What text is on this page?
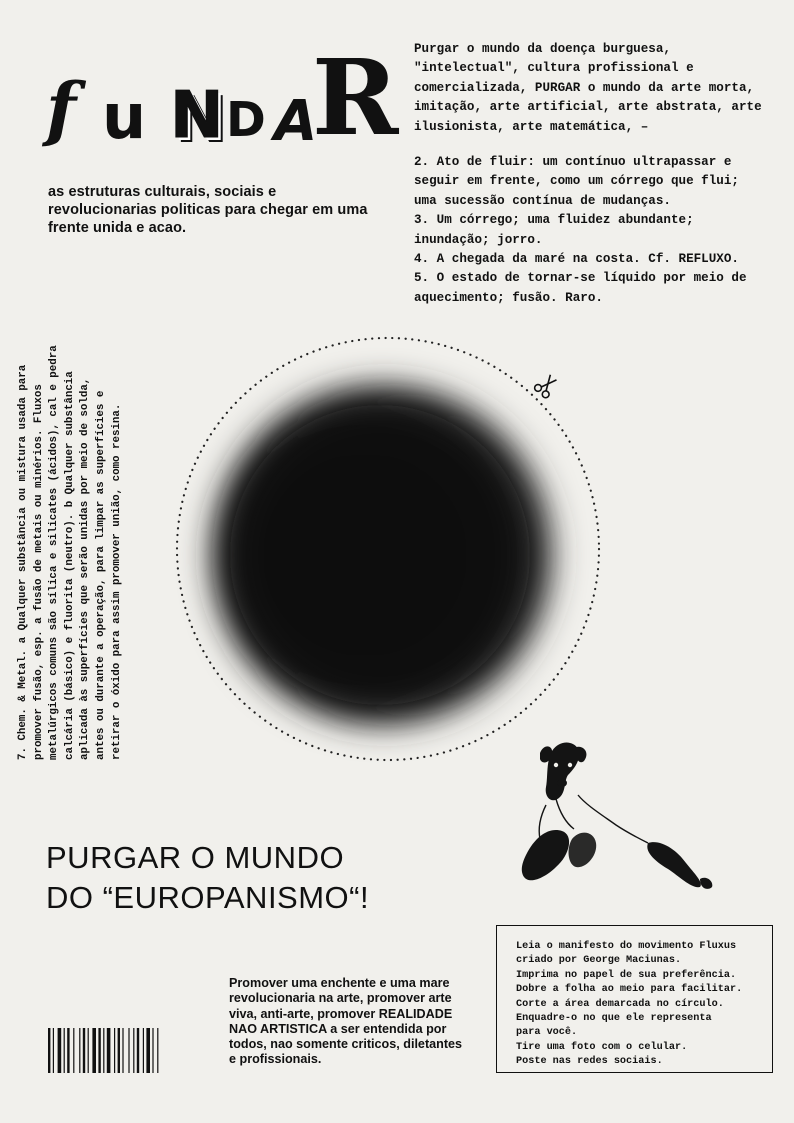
f u N D A
R
as estruturas culturais, sociais e revolucionarias politicas para chegar em uma frente unida e acao.

Purgar o mundo da doença burguesa, "intelectual", cultura profissional e comercializada, PURGAR o mundo da arte morta, imitação, arte artificial, arte abstrata, arte ilusionista, arte matemática, –

2. Ato de fluir: um contínuo ultrapassar e seguir em frente, como um córrego que flui; uma sucessão contínua de mudanças.

3. Um córrego; uma fluidez abundante; inundação; jorro.

4. A chegada da maré na costa. Cf. REFLUXO.

5. O estado de tornar-se líquido por meio de aquecimento; fusão. Raro.

7. Chem. & Metal. a Qualquer substância ou mistura usada para promover fusão, esp. a fusão de metais ou minérios. Fluxos metalúrgicos comuns são sílica e silicates (ácidos), cal e pedra calcária (básico) e fluorita (neutro). b Qualquer substância aplicada às superfícies que serão unidas por meio de solda, antes ou durante a operação, para limpar as superfícies e retirar o óxido para assim promover união, como resina.
PURGAR O MUNDO
DO “EUROPANISMO“!
Promover uma enchente e uma mare revolucionaria na arte, promover arte viva, anti-arte, promover REALIDADE NAO ARTISTICA a ser entendida por todos, nao somente criticos, diletantes e profissionais.
Leia o manifesto do movimento Fluxus
criado por George Maciunas.
Imprima no papel de sua preferência.
Dobre a folha ao meio para facilitar.
Corte a área demarcada no círculo.
Enquadre-o no que ele representa
para você.
Tire uma foto com o celular.
Poste nas redes sociais.
